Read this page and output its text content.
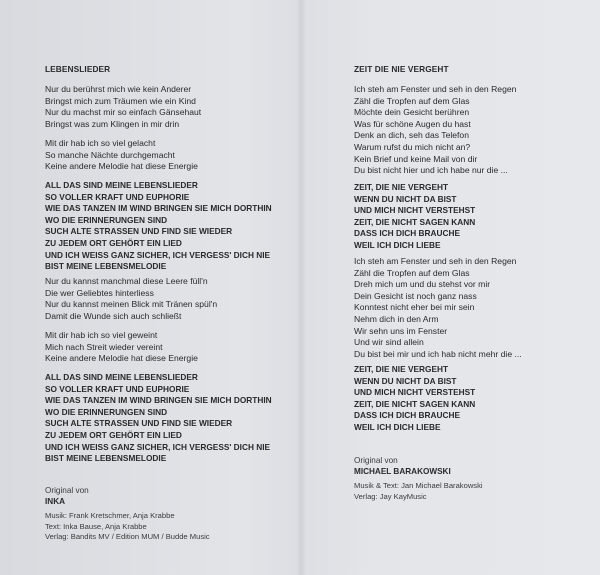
LEBENSLIEDER
Nur du berührst mich wie kein Anderer
Bringst mich zum Träumen wie ein Kind
Nur du machst mir so einfach Gänsehaut
Bringst was zum Klingen in mir drin
Mit dir hab ich so viel gelacht
So manche Nächte durchgemacht
Keine andere Melodie hat diese Energie
ALL DAS SIND MEINE LEBENSLIEDER
SO VOLLER KRAFT UND EUPHORIE
WIE DAS TANZEN IM WIND BRINGEN SIE MICH DORTHIN
WO DIE ERINNERUNGEN SIND
SUCH ALTE STRASSEN UND FIND SIE WIEDER
ZU JEDEM ORT GEHÖRT EIN LIED
UND ICH WEISS GANZ SICHER, ICH VERGESS' DICH NIE
BIST MEINE LEBENSMELODIE
Nur du kannst manchmal diese Leere füll'n
Die wer Geliebtes hinterliess
Nur du kannst meinen Blick mit Tränen spül'n
Damit die Wunde sich auch schließt
Mit dir hab ich so viel geweint
Mich nach Streit wieder vereint
Keine andere Melodie hat diese Energie
ALL DAS SIND MEINE LEBENSLIEDER
SO VOLLER KRAFT UND EUPHORIE
WIE DAS TANZEN IM WIND BRINGEN SIE MICH DORTHIN
WO DIE ERINNERUNGEN SIND
SUCH ALTE STRASSEN UND FIND SIE WIEDER
ZU JEDEM ORT GEHÖRT EIN LIED
UND ICH WEISS GANZ SICHER, ICH VERGESS' DICH NIE
BIST MEINE LEBENSMELODIE
Original von
INKA
Musik: Frank Kretschmer, Anja Krabbe
Text: Inka Bause, Anja Krabbe
Verlag: Bandits MV / Edition MUM / Budde Music
ZEIT DIE NIE VERGEHT
Ich steh am Fenster und seh in den Regen
Zähl die Tropfen auf dem Glas
Möchte dein Gesicht berühren
Was für schöne Augen du hast
Denk an dich, seh das Telefon
Warum rufst du mich nicht an?
Kein Brief und keine Mail von dir
Du bist nicht hier und ich habe nur die ...
ZEIT, DIE NIE VERGEHT
WENN DU NICHT DA BIST
UND MICH NICHT VERSTEHST
ZEIT, DIE NICHT SAGEN KANN
DASS ICH DICH BRAUCHE
WEIL ICH DICH LIEBE
Ich steh am Fenster und seh in den Regen
Zähl die Tropfen auf dem Glas
Dreh mich um und du stehst vor mir
Dein Gesicht ist noch ganz nass
Konntest nicht eher bei mir sein
Nehm dich in den Arm
Wir sehn uns im Fenster
Und wir sind allein
Du bist bei mir und ich hab nicht mehr die ...
ZEIT, DIE NIE VERGEHT
WENN DU NICHT DA BIST
UND MICH NICHT VERSTEHST
ZEIT, DIE NICHT SAGEN KANN
DASS ICH DICH BRAUCHE
WEIL ICH DICH LIEBE
Original von
MICHAEL BARAKOWSKI
Musik & Text: Jan Michael Barakowski
Verlag: Jay KayMusic
